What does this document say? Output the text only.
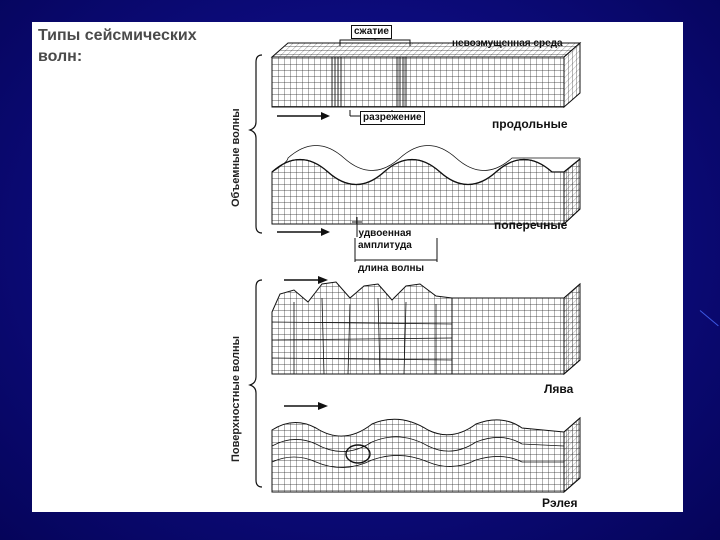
Типы сейсмических
волн:
Объемные волны
Поверхностные волны
сжатие
невозмущенная среда
разрежение	продольные
удвоенная
амплитуда
поперечные
длина волны
Лява
Рэлея
